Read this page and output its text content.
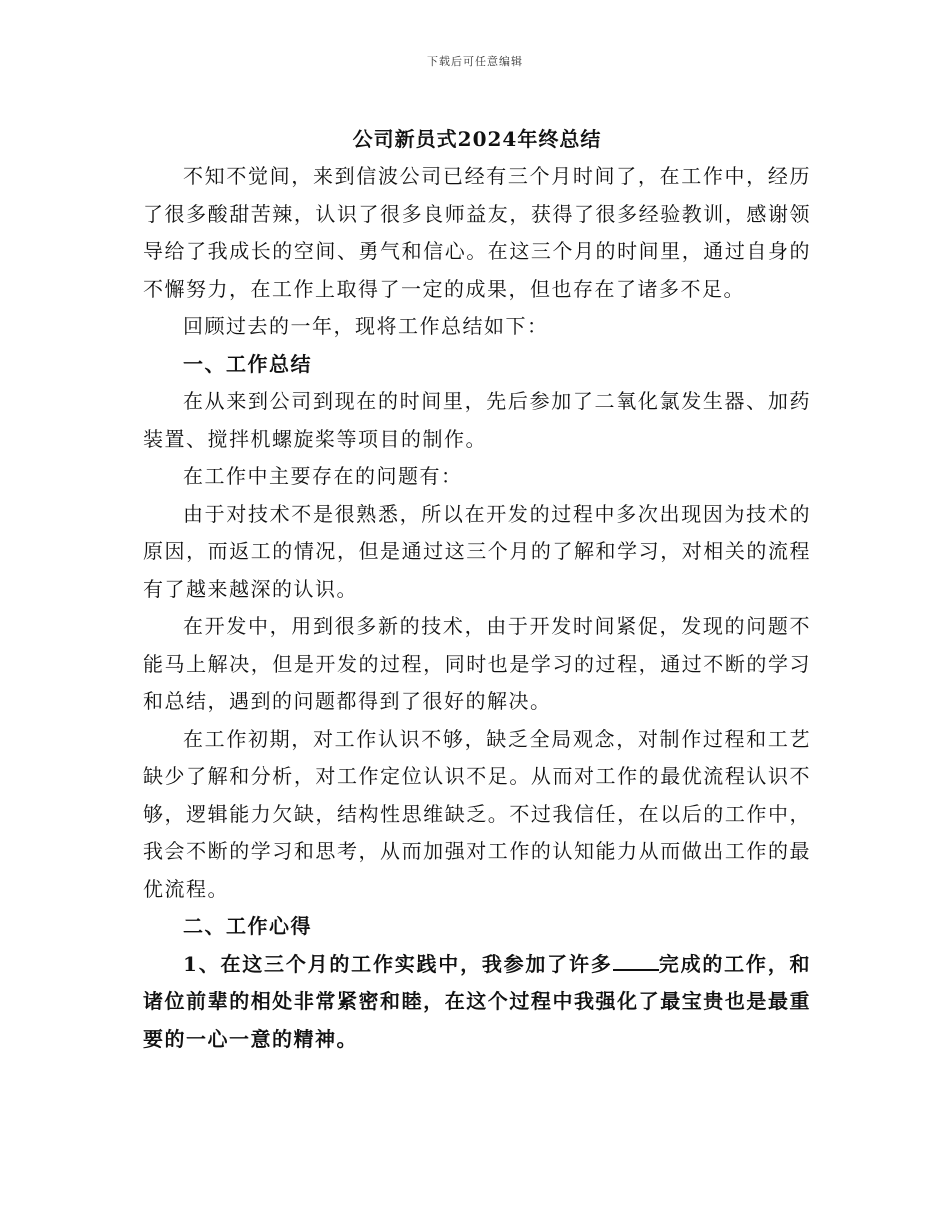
下载后可任意编辑
公司新员式2024年终总结

不知不觉间，来到信波公司已经有三个月时间了，在工作中，经历了很多酸甜苦辣，认识了很多良师益友，获得了很多经验教训，感谢领导给了我成长的空间、勇气和信心。在这三个月的时间里，通过自身的不懈努力，在工作上取得了一定的成果，但也存在了诸多不足。

回顾过去的一年，现将工作总结如下：

一、工作总结

在从来到公司到现在的时间里，先后参加了二氧化氯发生器、加药装置、搅拌机螺旋桨等项目的制作。

在工作中主要存在的问题有：

由于对技术不是很熟悉，所以在开发的过程中多次出现因为技术的原因，而返工的情况，但是通过这三个月的了解和学习，对相关的流程有了越来越深的认识。

在开发中，用到很多新的技术，由于开发时间紧促，发现的问题不能马上解决，但是开发的过程，同时也是学习的过程，通过不断的学习和总结，遇到的问题都得到了很好的解决。

在工作初期，对工作认识不够，缺乏全局观念，对制作过程和工艺缺少了解和分析，对工作定位认识不足。从而对工作的最优流程认识不够，逻辑能力欠缺，结构性思维缺乏。不过我信任，在以后的工作中，我会不断的学习和思考，从而加强对工作的认知能力从而做出工作的最优流程。

二、工作心得

1、在这三个月的工作实践中，我参加了许多 完成的工作，和诸位前辈的相处非常紧密和睦，在这个过程中我强化了最宝贵也是最重要的一心一意的精神。
